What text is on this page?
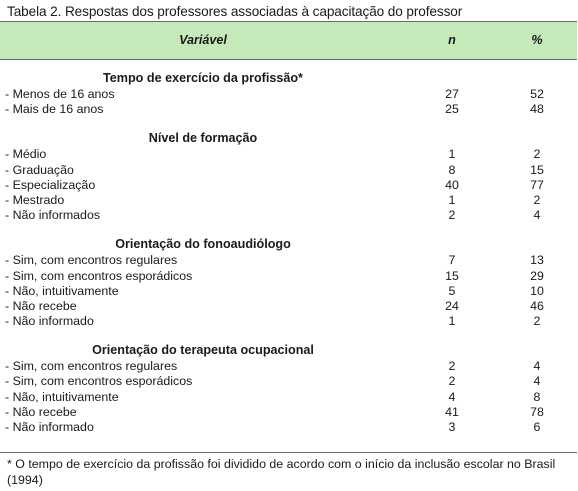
Tabela 2. Respostas dos professores associadas à capacitação do professor
Variável	n	%
Tempo de exercício da profissão*
- Menos de 16 anos	27	52
- Mais de 16 anos	25	48
Nível de formação
- Médio	1	2
- Graduação	8	15
- Especialização	40	77
- Mestrado	1	2
- Não informados	2	4
Orientação do fonoaudiólogo
- Sim, com encontros regulares	7	13
- Sim, com encontros esporádicos	15	29
- Não, intuitivamente	5	10
- Não recebe	24	46
- Não informado	1	2
Orientação do terapeuta ocupacional
- Sim, com encontros regulares	2	4
- Sim, com encontros esporádicos	2	4
- Não, intuitivamente	4	8
- Não recebe	41	78
- Não informado	3	6
* O tempo de exercício da profissão foi dividido de acordo com o início da inclusão escolar no Brasil (1994)
